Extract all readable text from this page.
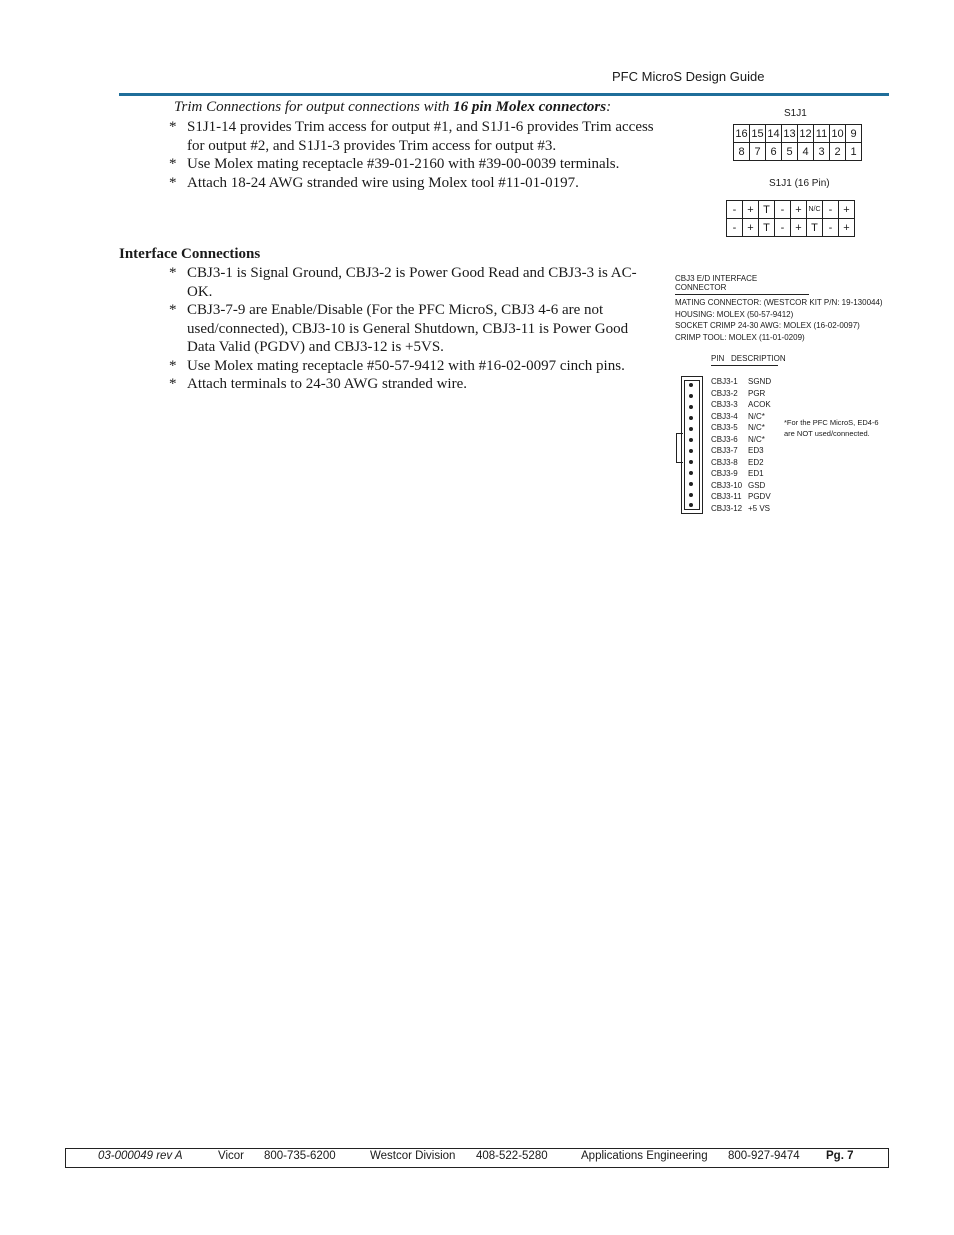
PFC MicroS Design Guide
Trim Connections for output connections with 16 pin Molex connectors:
* S1J1-14 provides Trim access for output #1, and S1J1-6 provides Trim access for output #2, and S1J1-3 provides Trim access for output #3.
* Use Molex mating receptacle #39-01-2160 with #39-00-0039 terminals.
* Attach 18-24 AWG stranded wire using Molex tool #11-01-0197.
Interface Connections
* CBJ3-1 is Signal Ground, CBJ3-2 is Power Good Read and CBJ3-3 is AC-OK.
* CBJ3-7-9 are Enable/Disable (For the PFC MicroS, CBJ3 4-6 are not used/connected), CBJ3-10 is General Shutdown, CBJ3-11 is Power Good Data Valid (PGDV) and CBJ3-12 is +5VS.
* Use Molex mating receptacle #50-57-9412 with #16-02-0097 cinch pins.
* Attach terminals to 24-30 AWG stranded wire.
S1J1
16	15	14	13	12	11	10	9
8	7	6	5	4	3	2	1
S1J1 (16 Pin)
-	+	T	-	+	N/C	-	+
-	+	T	-	+	T	-	+
CBJ3 E/D INTERFACE CONNECTOR
MATING CONNECTOR: (WESTCOR KIT P/N: 19-130044)
HOUSING: MOLEX (50-57-9412)
SOCKET CRIMP 24-30 AWG: MOLEX (16-02-0097)
CRIMP TOOL: MOLEX (11-01-0209)
PIN   DESCRIPTION
CBJ3-1	SGND
CBJ3-2	PGR
CBJ3-3	ACOK
CBJ3-4	N/C*
CBJ3-5	N/C*
CBJ3-6	N/C*
CBJ3-7	ED3
CBJ3-8	ED2
CBJ3-9	ED1
CBJ3-10 GSD
CBJ3-11 PGDV
CBJ3-12 +5 VS
*For the PFC MicroS, ED4-6
are NOT used/connected.
03-000049 rev A	Vicor 800-735-6200	Westcor Division 408-522-5280	Applications Engineering 800-927-9474 Pg. 7
